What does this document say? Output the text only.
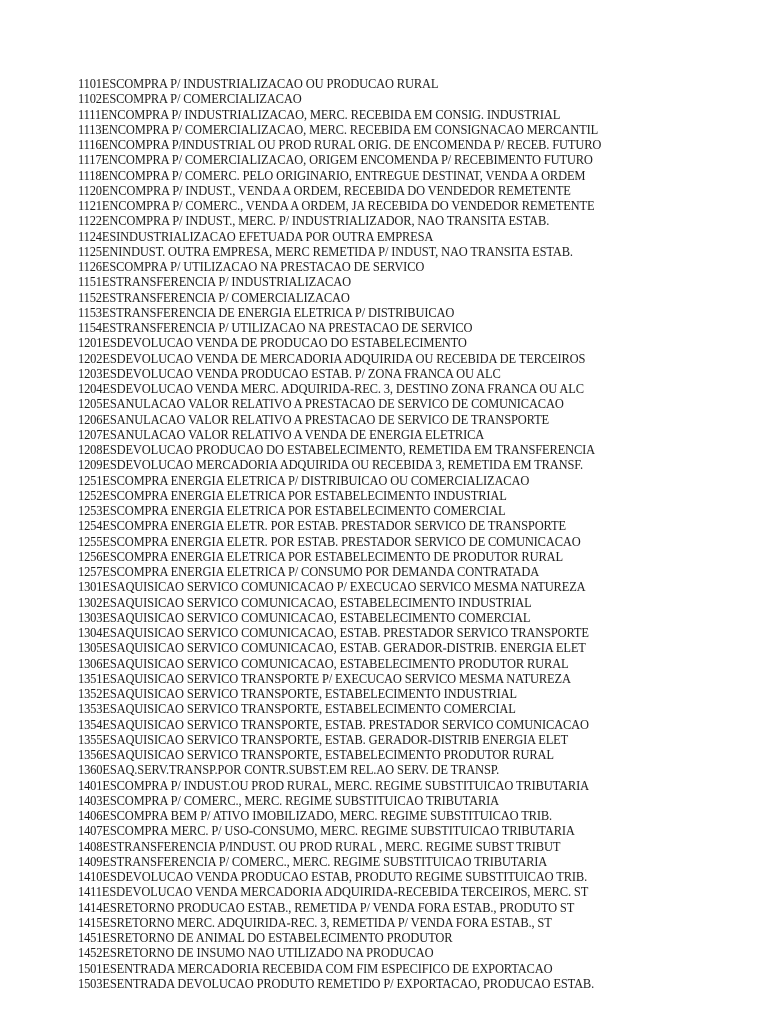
1101ESCOMPRA P/ INDUSTRIALIZACAO OU PRODUCAO RURAL
1102ESCOMPRA P/ COMERCIALIZACAO
1111ENCOMPRA P/ INDUSTRIALIZACAO, MERC. RECEBIDA EM CONSIG. INDUSTRIAL
1113ENCOMPRA P/ COMERCIALIZACAO, MERC. RECEBIDA EM CONSIGNACAO MERCANTIL
1116ENCOMPRA P/INDUSTRIAL OU PROD RURAL ORIG. DE ENCOMENDA P/ RECEB. FUTURO
1117ENCOMPRA P/ COMERCIALIZACAO, ORIGEM ENCOMENDA P/ RECEBIMENTO FUTURO
1118ENCOMPRA P/ COMERC. PELO ORIGINARIO, ENTREGUE DESTINAT, VENDA A ORDEM
1120ENCOMPRA P/ INDUST., VENDA A ORDEM, RECEBIDA DO VENDEDOR REMETENTE
1121ENCOMPRA P/ COMERC., VENDA A ORDEM, JA RECEBIDA DO VENDEDOR REMETENTE
1122ENCOMPRA P/ INDUST., MERC. P/ INDUSTRIALIZADOR, NAO TRANSITA ESTAB.
1124ESINDUSTRIALIZACAO EFETUADA POR OUTRA EMPRESA
1125ENINDUST. OUTRA EMPRESA, MERC REMETIDA P/ INDUST, NAO TRANSITA ESTAB.
1126ESCOMPRA P/ UTILIZACAO NA PRESTACAO DE SERVICO
1151ESTRANSFERENCIA P/ INDUSTRIALIZACAO
1152ESTRANSFERENCIA P/ COMERCIALIZACAO
1153ESTRANSFERENCIA DE ENERGIA ELETRICA P/ DISTRIBUICAO
1154ESTRANSFERENCIA P/ UTILIZACAO NA PRESTACAO DE SERVICO
1201ESDEVOLUCAO VENDA DE PRODUCAO DO ESTABELECIMENTO
1202ESDEVOLUCAO VENDA DE MERCADORIA ADQUIRIDA OU RECEBIDA DE TERCEIROS
1203ESDEVOLUCAO VENDA PRODUCAO ESTAB. P/ ZONA FRANCA OU ALC
1204ESDEVOLUCAO VENDA MERC. ADQUIRIDA-REC. 3, DESTINO ZONA FRANCA OU ALC
1205ESANULACAO VALOR RELATIVO A PRESTACAO DE SERVICO DE COMUNICACAO
1206ESANULACAO VALOR RELATIVO A PRESTACAO DE SERVICO DE TRANSPORTE
1207ESANULACAO VALOR RELATIVO A VENDA DE ENERGIA ELETRICA
1208ESDEVOLUCAO PRODUCAO DO ESTABELECIMENTO, REMETIDA EM TRANSFERENCIA
1209ESDEVOLUCAO MERCADORIA ADQUIRIDA OU RECEBIDA 3, REMETIDA EM TRANSF.
1251ESCOMPRA ENERGIA ELETRICA P/ DISTRIBUICAO OU COMERCIALIZACAO
1252ESCOMPRA ENERGIA ELETRICA POR ESTABELECIMENTO INDUSTRIAL
1253ESCOMPRA ENERGIA ELETRICA POR ESTABELECIMENTO COMERCIAL
1254ESCOMPRA ENERGIA ELETR. POR ESTAB. PRESTADOR SERVICO DE TRANSPORTE
1255ESCOMPRA ENERGIA ELETR. POR ESTAB. PRESTADOR SERVICO DE COMUNICACAO
1256ESCOMPRA ENERGIA ELETRICA POR ESTABELECIMENTO DE PRODUTOR RURAL
1257ESCOMPRA ENERGIA ELETRICA P/ CONSUMO POR DEMANDA CONTRATADA
1301ESAQUISICAO SERVICO COMUNICACAO P/ EXECUCAO SERVICO MESMA NATUREZA
1302ESAQUISICAO SERVICO COMUNICACAO, ESTABELECIMENTO INDUSTRIAL
1303ESAQUISICAO SERVICO COMUNICACAO, ESTABELECIMENTO COMERCIAL
1304ESAQUISICAO SERVICO COMUNICACAO, ESTAB. PRESTADOR SERVICO TRANSPORTE
1305ESAQUISICAO SERVICO COMUNICACAO, ESTAB. GERADOR-DISTRIB. ENERGIA ELET
1306ESAQUISICAO SERVICO COMUNICACAO, ESTABELECIMENTO PRODUTOR RURAL
1351ESAQUISICAO SERVICO TRANSPORTE P/ EXECUCAO SERVICO MESMA NATUREZA
1352ESAQUISICAO SERVICO TRANSPORTE, ESTABELECIMENTO INDUSTRIAL
1353ESAQUISICAO SERVICO TRANSPORTE, ESTABELECIMENTO COMERCIAL
1354ESAQUISICAO SERVICO TRANSPORTE, ESTAB. PRESTADOR SERVICO COMUNICACAO
1355ESAQUISICAO SERVICO TRANSPORTE, ESTAB. GERADOR-DISTRIB ENERGIA ELET
1356ESAQUISICAO SERVICO TRANSPORTE, ESTABELECIMENTO PRODUTOR RURAL
1360ESAQ.SERV.TRANSP.POR CONTR.SUBST.EM REL.AO SERV. DE TRANSP.
1401ESCOMPRA P/ INDUST.OU PROD RURAL, MERC. REGIME SUBSTITUICAO TRIBUTARIA
1403ESCOMPRA P/ COMERC., MERC. REGIME SUBSTITUICAO TRIBUTARIA
1406ESCOMPRA BEM P/ ATIVO IMOBILIZADO, MERC. REGIME SUBSTITUICAO TRIB.
1407ESCOMPRA MERC. P/ USO-CONSUMO, MERC. REGIME SUBSTITUICAO TRIBUTARIA
1408ESTRANSFERENCIA P/INDUST. OU PROD RURAL , MERC. REGIME SUBST TRIBUT
1409ESTRANSFERENCIA P/ COMERC., MERC. REGIME SUBSTITUICAO TRIBUTARIA
1410ESDEVOLUCAO VENDA PRODUCAO ESTAB, PRODUTO REGIME SUBSTITUICAO TRIB.
1411ESDEVOLUCAO VENDA MERCADORIA ADQUIRIDA-RECEBIDA TERCEIROS, MERC. ST
1414ESRETORNO PRODUCAO ESTAB., REMETIDA P/ VENDA FORA ESTAB., PRODUTO ST
1415ESRETORNO MERC. ADQUIRIDA-REC. 3, REMETIDA P/ VENDA FORA ESTAB., ST
1451ESRETORNO DE ANIMAL DO ESTABELECIMENTO PRODUTOR
1452ESRETORNO DE INSUMO NAO UTILIZADO NA PRODUCAO
1501ESENTRADA MERCADORIA RECEBIDA COM FIM ESPECIFICO DE EXPORTACAO
1503ESENTRADA DEVOLUCAO PRODUTO REMETIDO P/ EXPORTACAO, PRODUCAO ESTAB.
